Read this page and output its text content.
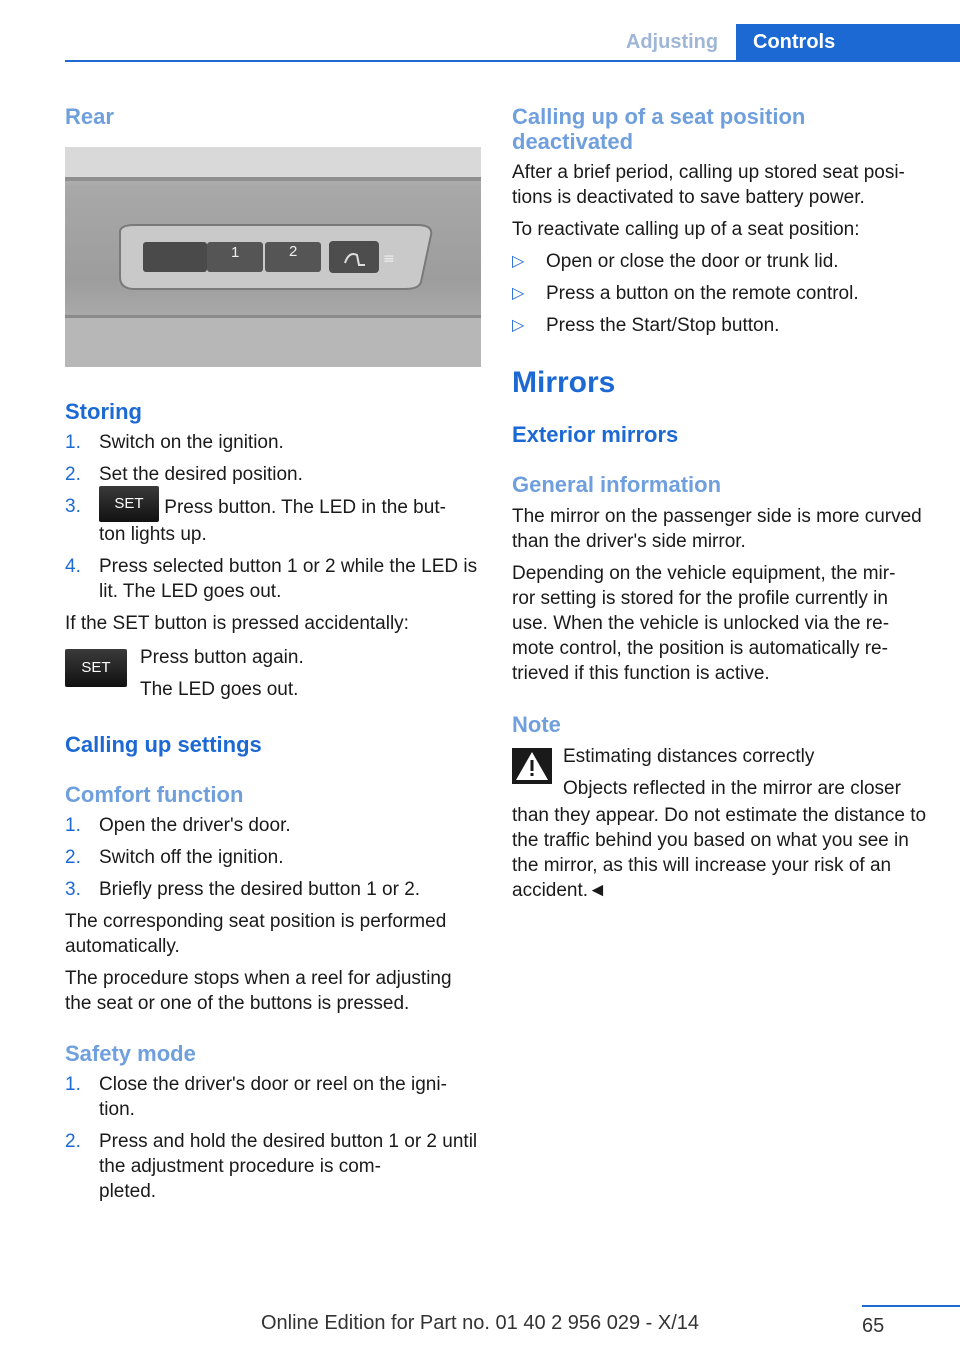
Adjusting	Controls
Rear
≡
1	2
Storing
1. Switch on the ignition.
2. Set the desired position.
3. SET Press button. The LED in the but-
ton lights up.
4. Press selected button 1 or 2 while the LED is lit. The LED goes out.

If the SET button is pressed accidentally:

SET	Press button again.

The LED goes out.

Calling up settings
Comfort function
1. Open the driver's door.
2. Switch off the ignition.
3. Briefly press the desired button 1 or 2.

The corresponding seat position is performed automatically.

The procedure stops when a reel for adjusting the seat or one of the buttons is pressed.

Safety mode
1. Close the driver's door or reel on the igni-
tion.
2. Press and hold the desired button 1 or 2 until the adjustment procedure is com-
pleted.
Calling up of a seat position deactivated

After a brief period, calling up stored seat posi-
tions is deactivated to save battery power.

To reactivate calling up of a seat position:

▷ Open or close the door or trunk lid.
▷ Press a button on the remote control.
▷ Press the Start/Stop button.
Mirrors
Exterior mirrors
General information

The mirror on the passenger side is more curved than the driver's side mirror.

Depending on the vehicle equipment, the mir-
ror setting is stored for the profile currently in use. When the vehicle is unlocked via the re-
mote control, the position is automatically re-
trieved if this function is active.

Note

Estimating distances correctly

Objects reflected in the mirror are closer

than they appear. Do not estimate the distance to the traffic behind you based on what you see in the mirror, as this will increase your risk of an accident.◄

65
Online Edition for Part no. 01 40 2 956 029 - X/14
